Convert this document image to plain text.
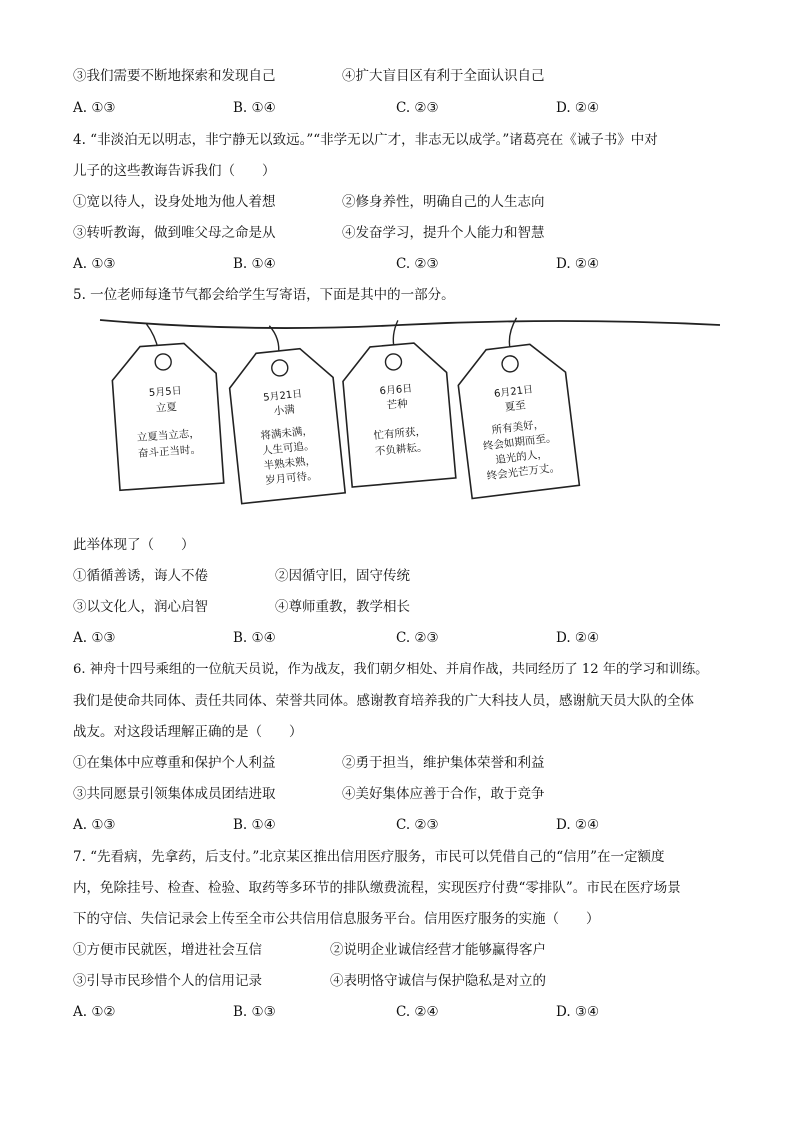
③我们需要不断地探索和发现自己	④扩大盲目区有利于全面认识自己
A. ①③	B. ①④	C. ②③	D. ②④
4. “非淡泊无以明志，非宁静无以致远。”“非学无以广才，非志无以成学。”诸葛亮在《诫子书》中对
儿子的这些教诲告诉我们（　　）
①宽以待人，设身处地为他人着想	②修身养性，明确自己的人生志向
③转听教诲，做到唯父母之命是从	④发奋学习，提升个人能力和智慧
A. ①③	B. ①④	C. ②③	D. ②④
5. 一位老师每逢节气都会给学生写寄语，下面是其中的一部分。
5月5日
立夏
立夏当立志，
奋斗正当时。
5月21日
小满
将满未满，
人生可追。
半熟未熟，
岁月可待。
6月6日
芒种
忙有所获，
不负耕耘。
6月21日
夏至
所有美好，
终会如期而至。
追光的人，
终会光芒万丈。
此举体现了（　　）
①循循善诱，诲人不倦	②因循守旧，固守传统
③以文化人，润心启智	④尊师重教，教学相长
A. ①③	B. ①④	C. ②③	D. ②④
6. 神舟十四号乘组的一位航天员说，作为战友，我们朝夕相处、并肩作战，共同经历了 12 年的学习和训练。
我们是使命共同体、责任共同体、荣誉共同体。感谢教育培养我的广大科技人员，感谢航天员大队的全体
战友。对这段话理解正确的是（　　）
①在集体中应尊重和保护个人利益	②勇于担当，维护集体荣誉和利益
③共同愿景引领集体成员团结进取	④美好集体应善于合作，敢于竞争
A. ①③	B. ①④	C. ②③	D. ②④
7. “先看病，先拿药，后支付。”北京某区推出信用医疗服务，市民可以凭借自己的“信用”在一定额度
内，免除挂号、检查、检验、取药等多环节的排队缴费流程，实现医疗付费“零排队”。市民在医疗场景
下的守信、失信记录会上传至全市公共信用信息服务平台。信用医疗服务的实施（　　）
①方便市民就医，增进社会互信	②说明企业诚信经营才能够赢得客户
③引导市民珍惜个人的信用记录	④表明恪守诚信与保护隐私是对立的
A. ①②	B. ①③	C. ②④	D. ③④
